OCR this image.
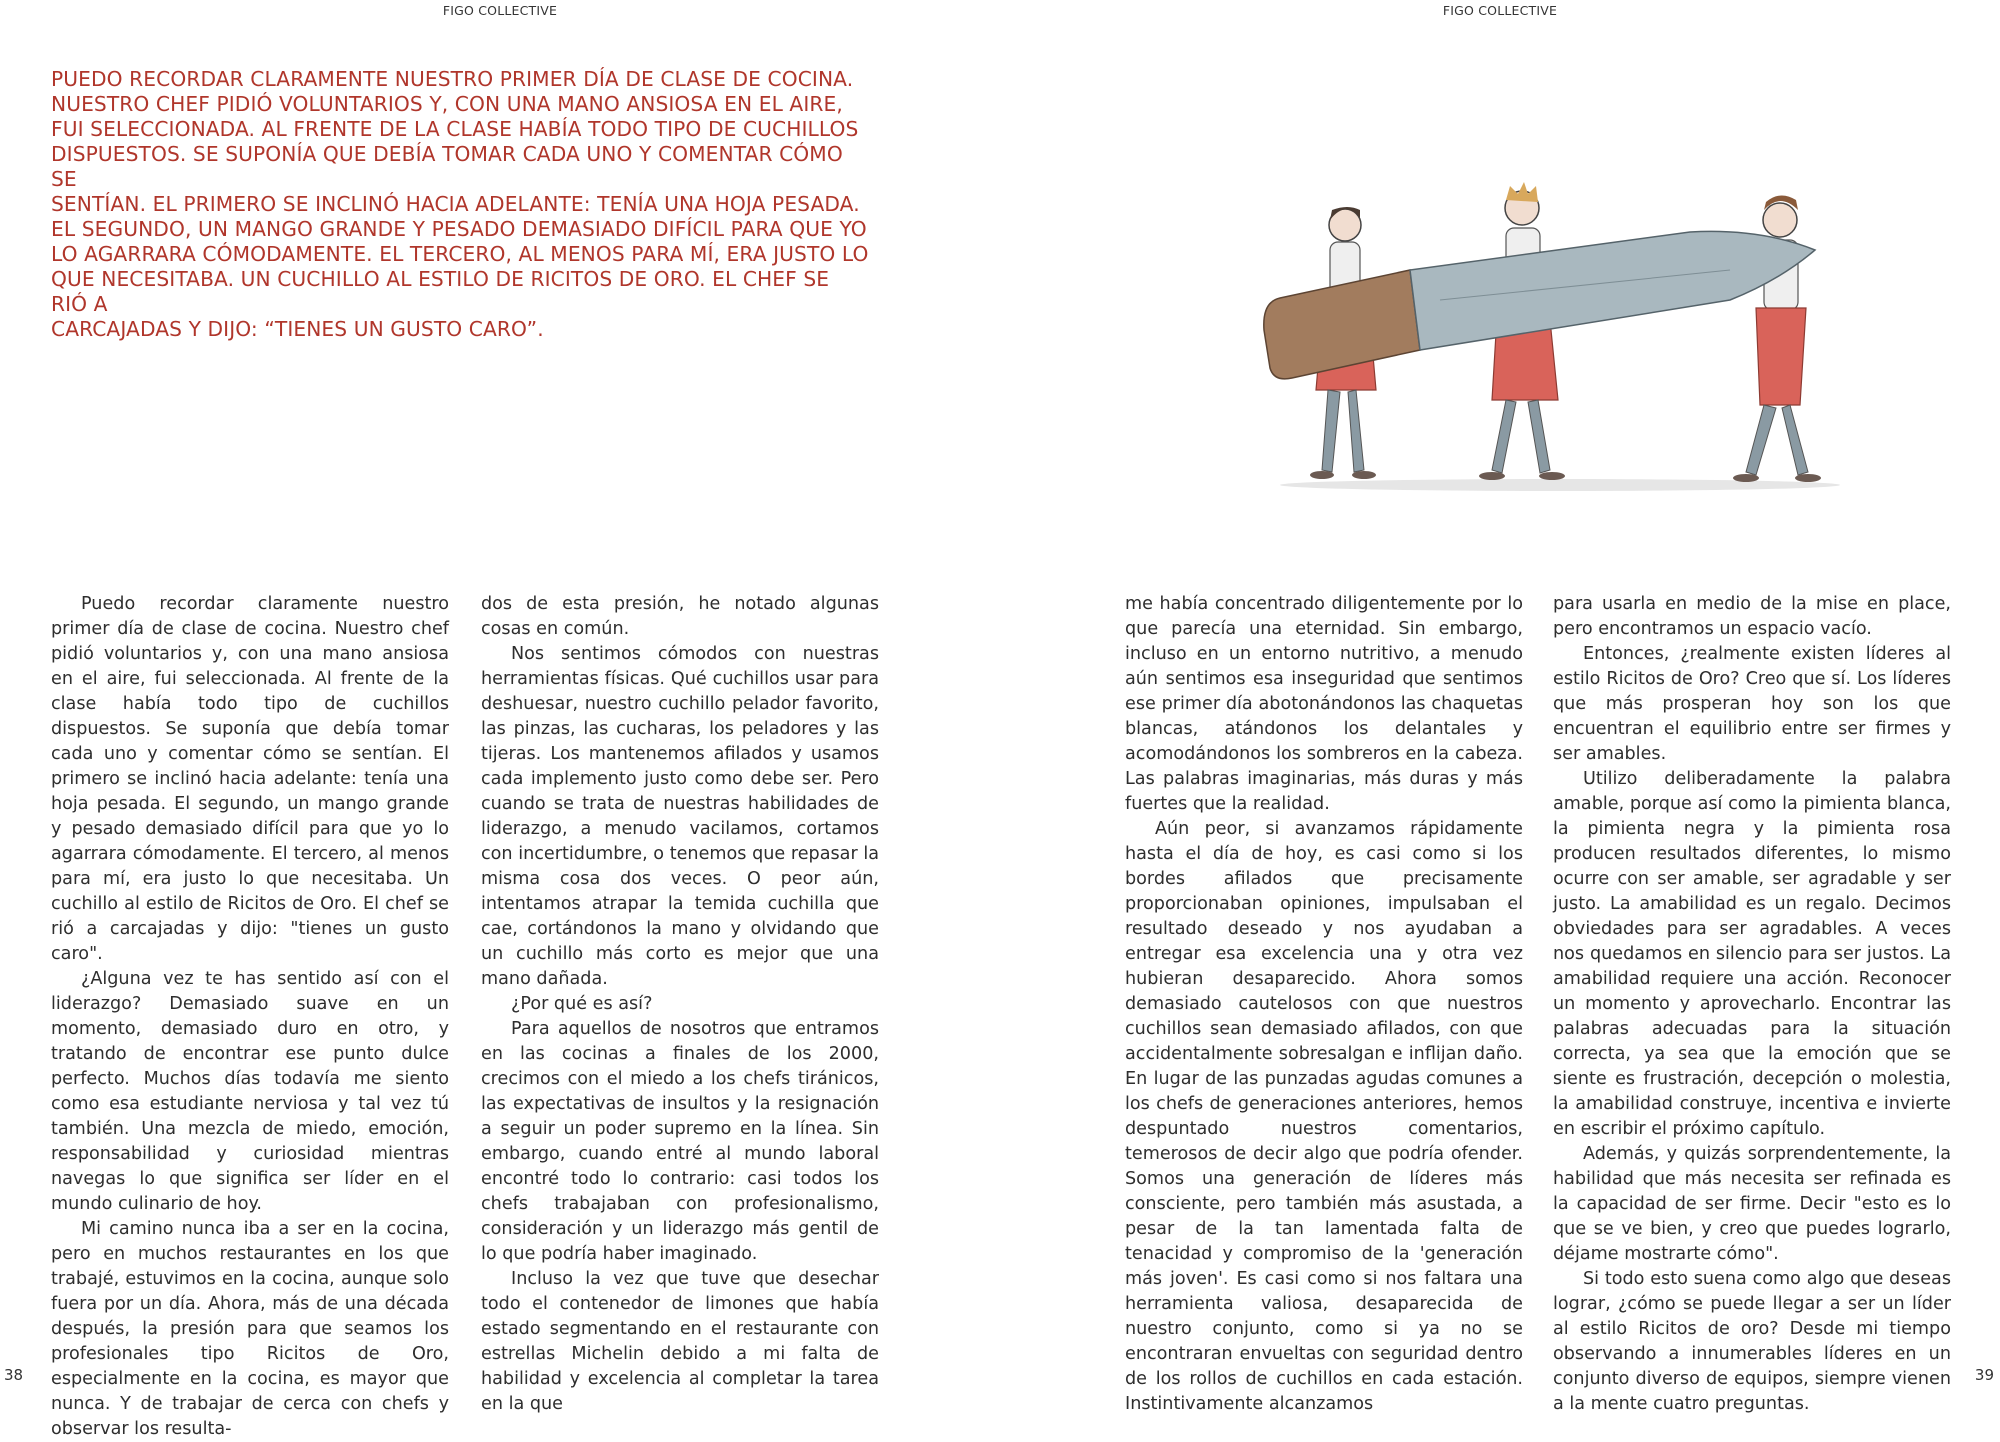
FIGO COLLECTIVE

PUEDO RECORDAR CLARAMENTE NUESTRO PRIMER DÍA DE CLASE DE COCINA.

NUESTRO CHEF PIDIÓ VOLUNTARIOS Y, CON UNA MANO ANSIOSA EN EL AIRE,

FUI SELECCIONADA. AL FRENTE DE LA CLASE HABÍA TODO TIPO DE CUCHILLOS

DISPUESTOS. SE SUPONÍA QUE DEBÍA TOMAR CADA UNO Y COMENTAR CÓMO SE

SENTÍAN. EL PRIMERO SE INCLINÓ HACIA ADELANTE: TENÍA UNA HOJA PESADA.

EL SEGUNDO, UN MANGO GRANDE Y PESADO DEMASIADO DIFÍCIL PARA QUE YO

LO AGARRARA CÓMODAMENTE. EL TERCERO, AL MENOS PARA MÍ, ERA JUSTO LO

QUE NECESITABA. UN CUCHILLO AL ESTILO DE RICITOS DE ORO. EL CHEF SE RIÓ A

CARCAJADAS Y DIJO: “TIENES UN GUSTO CARO”.

Puedo recordar claramente nuestro primer día de clase de cocina. Nuestro chef pidió voluntarios y, con una mano ansiosa en el aire, fui seleccionada. Al frente de la clase había todo tipo de cuchillos dispuestos. Se suponía que debía tomar cada uno y comentar cómo se sentían. El primero se inclinó hacia adelante: tenía una hoja pesada. El segundo, un mango grande y pesado demasiado difícil para que yo lo agarrara cómodamente. El tercero, al menos para mí, era justo lo que necesitaba. Un cuchillo al estilo de Ricitos de Oro. El chef se rió a carcajadas y dijo: "tienes un gusto caro".

¿Alguna vez te has sentido así con el liderazgo? Demasiado suave en un momento, demasiado duro en otro, y tratando de encontrar ese punto dulce perfecto. Muchos días todavía me siento como esa estudiante nerviosa y tal vez tú también. Una mezcla de miedo, emoción, responsabilidad y curiosidad mientras navegas lo que significa ser líder en el mundo culinario de hoy.

Mi camino nunca iba a ser en la cocina, pero en muchos restaurantes en los que trabajé, estuvimos en la cocina, aunque solo fuera por un día. Ahora, más de una década después, la presión para que seamos los profesionales tipo Ricitos de Oro, especialmente en la cocina, es mayor que nunca. Y de trabajar de cerca con chefs y observar los resulta-

dos de esta presión, he notado algunas cosas en común.

Nos sentimos cómodos con nuestras herramientas físicas. Qué cuchillos usar para deshuesar, nuestro cuchillo pelador favorito, las pinzas, las cucharas, los peladores y las tijeras. Los mantenemos afilados y usamos cada implemento justo como debe ser. Pero cuando se trata de nuestras habilidades de liderazgo, a menudo vacilamos, cortamos con incertidumbre, o tenemos que repasar la misma cosa dos veces. O peor aún, intentamos atrapar la temida cuchilla que cae, cortándonos la mano y olvidando que un cuchillo más corto es mejor que una mano dañada.

¿Por qué es así?

Para aquellos de nosotros que entramos en las cocinas a finales de los 2000, crecimos con el miedo a los chefs tiránicos, las expectativas de insultos y la resignación a seguir un poder supremo en la línea. Sin embargo, cuando entré al mundo laboral encontré todo lo contrario: casi todos los chefs trabajaban con profesionalismo, consideración y un liderazgo más gentil de lo que podría haber imaginado.

Incluso la vez que tuve que desechar todo el contenedor de limones que había estado segmentando en el restaurante con estrellas Michelin debido a mi falta de habilidad y excelencia al completar la tarea en la que

38
FIGO COLLECTIVE

me había concentrado diligentemente por lo que parecía una eternidad. Sin embargo, incluso en un entorno nutritivo, a menudo aún sentimos esa inseguridad que sentimos ese primer día abotonándonos las chaquetas blancas, atándonos los delantales y acomodándonos los sombreros en la cabeza. Las palabras imaginarias, más duras y más fuertes que la realidad.

Aún peor, si avanzamos rápidamente hasta el día de hoy, es casi como si los bordes afilados que precisamente proporcionaban opiniones, impulsaban el resultado deseado y nos ayudaban a entregar esa excelencia una y otra vez hubieran desaparecido. Ahora somos demasiado cautelosos con que nuestros cuchillos sean demasiado afilados, con que accidentalmente sobresalgan e inflijan daño. En lugar de las punzadas agudas comunes a los chefs de generaciones anteriores, hemos despuntado nuestros comentarios, temerosos de decir algo que podría ofender. Somos una generación de líderes más consciente, pero también más asustada, a pesar de la tan lamentada falta de tenacidad y compromiso de la 'generación más joven'. Es casi como si nos faltara una herramienta valiosa, desaparecida de nuestro conjunto, como si ya no se encontraran envueltas con seguridad dentro de los rollos de cuchillos en cada estación. Instintivamente alcanzamos

para usarla en medio de la mise en place, pero encontramos un espacio vacío.

Entonces, ¿realmente existen líderes al estilo Ricitos de Oro? Creo que sí. Los líderes que más prosperan hoy son los que encuentran el equilibrio entre ser firmes y ser amables.

Utilizo deliberadamente la palabra amable, porque así como la pimienta blanca, la pimienta negra y la pimienta rosa producen resultados diferentes, lo mismo ocurre con ser amable, ser agradable y ser justo. La amabilidad es un regalo. Decimos obviedades para ser agradables. A veces nos quedamos en silencio para ser justos. La amabilidad requiere una acción. Reconocer un momento y aprovecharlo. Encontrar las palabras adecuadas para la situación correcta, ya sea que la emoción que se siente es frustración, decepción o molestia, la amabilidad construye, incentiva e invierte en escribir el próximo capítulo.

Además, y quizás sorprendentemente, la habilidad que más necesita ser refinada es la capacidad de ser firme. Decir "esto es lo que se ve bien, y creo que puedes lograrlo, déjame mostrarte cómo".

Si todo esto suena como algo que deseas lograr, ¿cómo se puede llegar a ser un líder al estilo Ricitos de oro? Desde mi tiempo observando a innumerables líderes en un conjunto diverso de equipos, siempre vienen a la mente cuatro preguntas.

39
